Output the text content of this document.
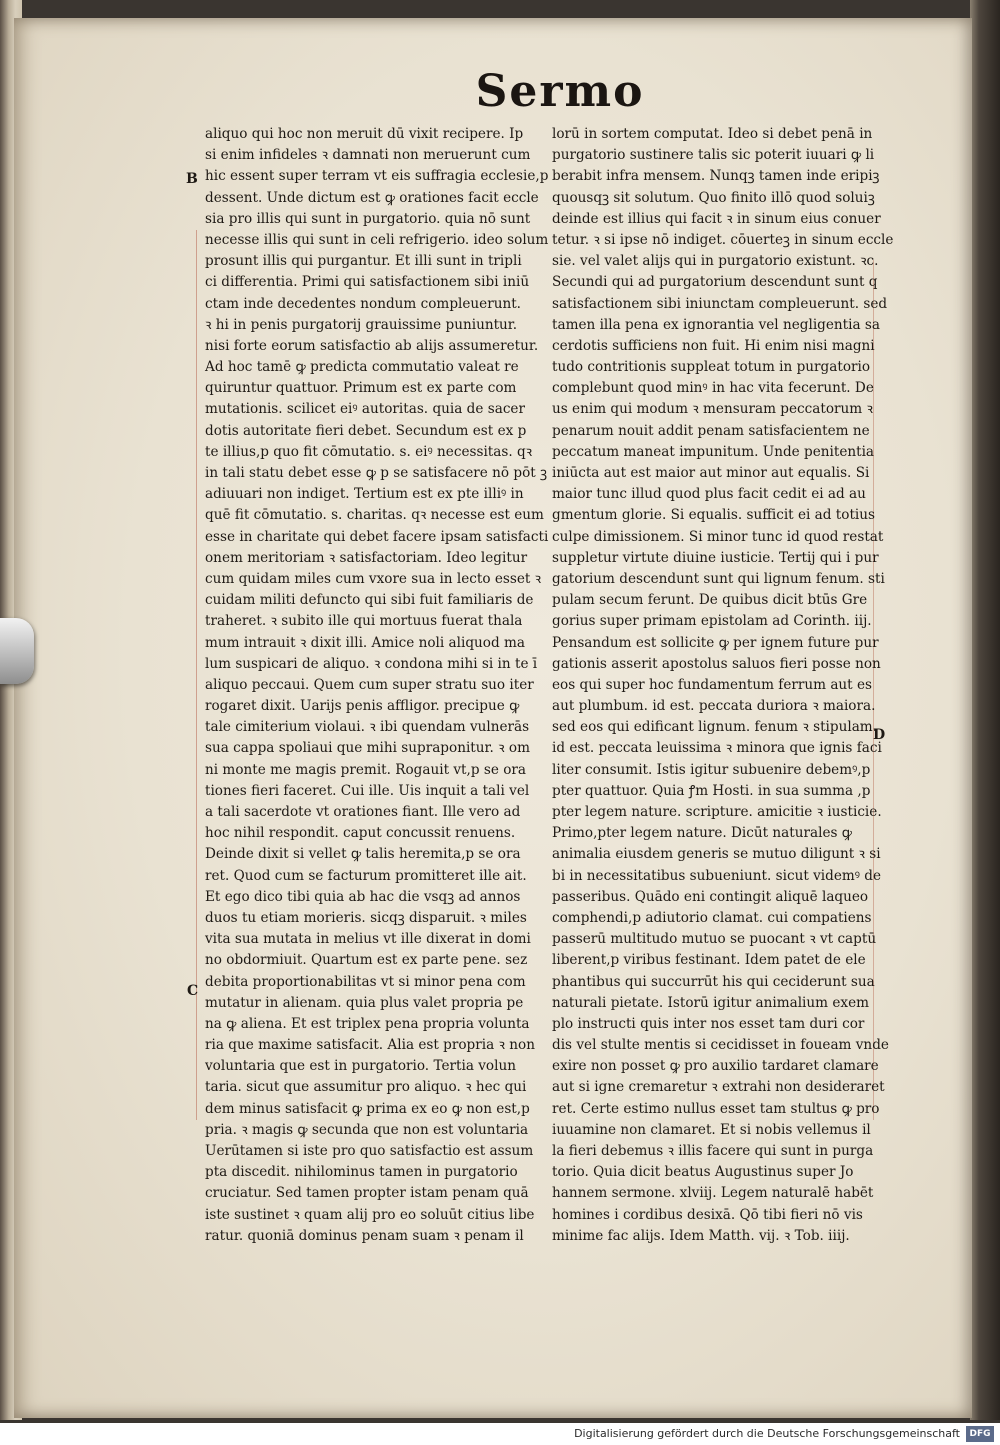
Sermo
B
C
D
aliquo qui hoc non meruit dū vixit recipere. Ip
si enim infideles ꝛ damnati non meruerunt cum
hic essent super terram vt eis suffragia ecclesie,p
dessent. Unde dictum est ꝙ orationes facit eccle
sia pro illis qui sunt in purgatorio. quia nō sunt
necesse illis qui sunt in celi refrigerio. ideo solum
prosunt illis qui purgantur. Et illi sunt in tripli
ci differentia. Primi qui satisfactionem sibi iniū
ctam inde decedentes nondum compleuerunt.
ꝛ hi in penis purgatorij grauissime puniuntur.
nisi forte eorum satisfactio ab alijs assumeretur.
Ad hoc tamē ꝙ predicta commutatio valeat re
quiruntur quattuor. Primum est ex parte com
mutationis. scilicet eiꝰ autoritas. quia de sacer
dotis autoritate fieri debet. Secundum est ex p
te illius,p quo fit cōmutatio. s. eiꝰ necessitas. qꝛ
in tali statu debet esse ꝙ p se satisfacere nō pōt ꝫ
adiuuari non indiget. Tertium est ex pte illiꝰ in
quē fit cōmutatio. s. charitas. qꝛ necesse est eum
esse in charitate qui debet facere ipsam satisfacti
onem meritoriam ꝛ satisfactoriam. Ideo legitur
cum quidam miles cum vxore sua in lecto esset ꝛ
cuidam militi defuncto qui sibi fuit familiaris de
traheret. ꝛ subito ille qui mortuus fuerat thala
mum intrauit ꝛ dixit illi. Amice noli aliquod ma
lum suspicari de aliquo. ꝛ condona mihi si in te ī
aliquo peccaui. Quem cum super stratu suo iter
rogaret dixit. Uarijs penis affligor. precipue ꝙ
tale cimiterium violaui. ꝛ ibi quendam vulnerās
sua cappa spoliaui que mihi supraponitur. ꝛ om
ni monte me magis premit. Rogauit vt,p se ora
tiones fieri faceret. Cui ille. Uis inquit a tali vel
a tali sacerdote vt orationes fiant. Ille vero ad
hoc nihil respondit. caput concussit renuens.
Deinde dixit si vellet ꝙ talis heremita,p se ora
ret. Quod cum se facturum promitteret ille ait.
Et ego dico tibi quia ab hac die vsqꝫ ad annos
duos tu etiam morieris. sicqꝫ disparuit. ꝛ miles
vita sua mutata in melius vt ille dixerat in domi
no obdormiuit. Quartum est ex parte pene. sez
debita proportionabilitas vt si minor pena com
mutatur in alienam. quia plus valet propria pe
na ꝙ aliena. Et est triplex pena propria volunta
ria que maxime satisfacit. Alia est propria ꝛ non
voluntaria que est in purgatorio. Tertia volun
taria. sicut que assumitur pro aliquo. ꝛ hec qui
dem minus satisfacit ꝙ prima ex eo ꝙ non est,p
pria. ꝛ magis ꝙ secunda que non est voluntaria
Uerūtamen si iste pro quo satisfactio est assum
pta discedit. nihilominus tamen in purgatorio
cruciatur. Sed tamen propter istam penam quā
iste sustinet ꝛ quam alij pro eo soluūt citius libe
ratur. quoniā dominus penam suam ꝛ penam il
lorū in sortem computat. Ideo si debet penā in
purgatorio sustinere talis sic poterit iuuari ꝙ li
berabit infra mensem. Nunqꝫ tamen inde eripiꝫ
quousqꝫ sit solutum. Quo finito illō quod soluiꝫ
deinde est illius qui facit ꝛ in sinum eius conuer
tetur. ꝛ si ipse nō indiget. cōuerteꝫ in sinum eccle
sie. vel valet alijs qui in purgatorio existunt. ꝛc.
Secundi qui ad purgatorium descendunt sunt q
satisfactionem sibi iniunctam compleuerunt. sed
tamen illa pena ex ignorantia vel negligentia sa
cerdotis sufficiens non fuit. Hi enim nisi magni
tudo contritionis suppleat totum in purgatorio
complebunt quod minꝰ in hac vita fecerunt. De
us enim qui modum ꝛ mensuram peccatorum ꝛ
penarum nouit addit penam satisfacientem ne
peccatum maneat impunitum. Unde penitentia
iniūcta aut est maior aut minor aut equalis. Si
maior tunc illud quod plus facit cedit ei ad au
gmentum glorie. Si equalis. sufficit ei ad totius
culpe dimissionem. Si minor tunc id quod restat
suppletur virtute diuine iusticie. Tertij qui i pur
gatorium descendunt sunt qui lignum fenum. sti
pulam secum ferunt. De quibus dicit btūs Gre
gorius super primam epistolam ad Corinth. iij.
Pensandum est sollicite ꝙ per ignem future pur
gationis asserit apostolus saluos fieri posse non
eos qui super hoc fundamentum ferrum aut es
aut plumbum. id est. peccata duriora ꝛ maiora.
sed eos qui edificant lignum. fenum ꝛ stipulam.
id est. peccata leuissima ꝛ minora que ignis faci
liter consumit. Istis igitur subuenire debemꝰ,p
pter quattuor. Quia ꝭm Hosti. in sua summa ,p
pter legem nature. scripture. amicitie ꝛ iusticie.
Primo,pter legem nature. Dicūt naturales ꝙ
animalia eiusdem generis se mutuo diligunt ꝛ si
bi in necessitatibus subueniunt. sicut videmꝰ de
passeribus. Quādo eni contingit aliquē laqueo
comphendi,p adiutorio clamat. cui compatiens
passerū multitudo mutuo se puocant ꝛ vt captū
liberent,p viribus festinant. Idem patet de ele
phantibus qui succurrūt his qui ceciderunt sua
naturali pietate. Istorū igitur animalium exem
plo instructi quis inter nos esset tam duri cor
dis vel stulte mentis si cecidisset in foueam vnde
exire non posset ꝙ pro auxilio tardaret clamare
aut si igne cremaretur ꝛ extrahi non desideraret
ret. Certe estimo nullus esset tam stultus ꝙ pro
iuuamine non clamaret. Et si nobis vellemus il
la fieri debemus ꝛ illis facere qui sunt in purga
torio. Quia dicit beatus Augustinus super Jo
hannem sermone. xlviij. Legem naturalē habēt
homines i cordibus desixā. Qō tibi fieri nō vis
minime fac alijs. Idem Matth. vij. ꝛ Tob. iiij.
Digitalisierung gefördert durch die Deutsche Forschungsgemeinschaft	DFG
